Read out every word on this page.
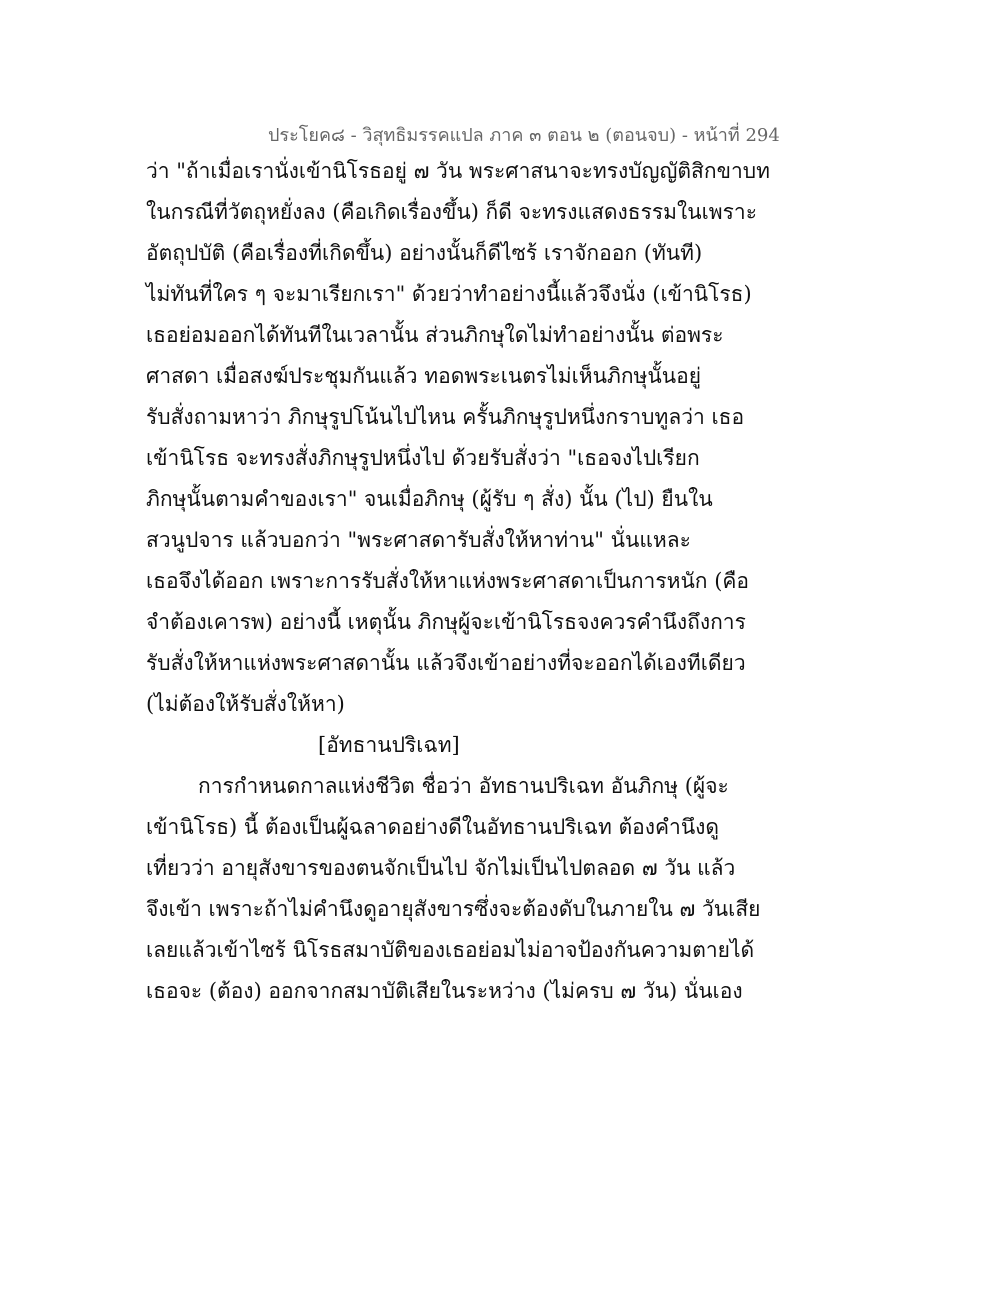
ประโยค๘ - วิสุทธิมรรคแปล ภาค ๓ ตอน ๒ (ตอนจบ) - หน้าที่ 294
ว่า "ถ้าเมื่อเรานั่งเข้านิโรธอยู่ ๗ วัน พระศาสนาจะทรงบัญญัติสิกขาบท
ในกรณีที่วัตถุหยั่งลง (คือเกิดเรื่องขึ้น) ก็ดี จะทรงแสดงธรรมในเพราะ
อัตถุปบัติ (คือเรื่องที่เกิดขึ้น) อย่างนั้นก็ดีไซร้ เราจักออก (ทันที)
ไม่ทันที่ใคร ๆ จะมาเรียกเรา" ด้วยว่าทำอย่างนี้แล้วจึงนั่ง (เข้านิโรธ)
เธอย่อมออกได้ทันทีในเวลานั้น ส่วนภิกษุใดไม่ทำอย่างนั้น ต่อพระ
ศาสดา เมื่อสงฆ์ประชุมกันแล้ว ทอดพระเนตรไม่เห็นภิกษุนั้นอยู่
รับสั่งถามหาว่า ภิกษุรูปโน้นไปไหน ครั้นภิกษุรูปหนึ่งกราบทูลว่า เธอ
เข้านิโรธ จะทรงสั่งภิกษุรูปหนึ่งไป ด้วยรับสั่งว่า "เธอจงไปเรียก
ภิกษุนั้นตามคำของเรา" จนเมื่อภิกษุ (ผู้รับ ๆ สั่ง) นั้น (ไป) ยืนใน
สวนูปจาร แล้วบอกว่า "พระศาสดารับสั่งให้หาท่าน" นั่นแหละ
เธอจึงได้ออก เพราะการรับสั่งให้หาแห่งพระศาสดาเป็นการหนัก (คือ
จำต้องเคารพ) อย่างนี้ เหตุนั้น ภิกษุผู้จะเข้านิโรธจงควรคำนึงถึงการ
รับสั่งให้หาแห่งพระศาสดานั้น แล้วจึงเข้าอย่างที่จะออกได้เองทีเดียว
(ไม่ต้องให้รับสั่งให้หา)
[อัทธานปริเฉท]
การกำหนดกาลแห่งชีวิต ชื่อว่า อัทธานปริเฉท อันภิกษุ (ผู้จะ
เข้านิโรธ) นี้ ต้องเป็นผู้ฉลาดอย่างดีในอัทธานปริเฉท ต้องคำนึงดู
เที่ยวว่า อายุสังขารของตนจักเป็นไป จักไม่เป็นไปตลอด ๗ วัน แล้ว
จึงเข้า เพราะถ้าไม่คำนึงดูอายุสังขารซึ่งจะต้องดับในภายใน ๗ วันเสีย
เลยแล้วเข้าไซร้ นิโรธสมาบัติของเธอย่อมไม่อาจป้องกันความตายได้
เธอจะ (ต้อง) ออกจากสมาบัติเสียในระหว่าง (ไม่ครบ ๗ วัน) นั่นเอง
